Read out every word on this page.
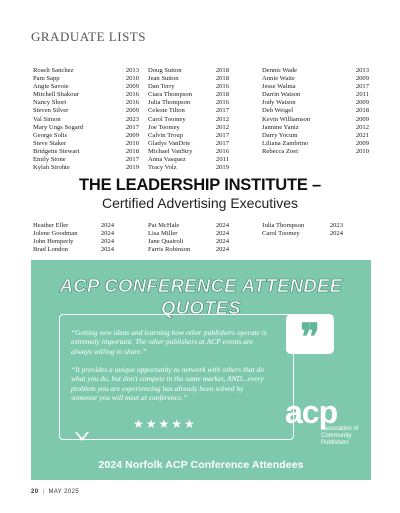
GRADUATE LISTS
Roseli Sanchez	2013
Pam Sapp	2010
Angie Savoie	2009
Mitchell Shakour	2016
Nancy Short	2016
Steven Silver	2009
Val Simon	2023
Mary Ungs Sogard	2017
George Solis	2009
Steve Staker	2010
Bridgette Stewart	2018
Emily Stone	2017
Kylah Strohte	2019
Doug Sutton	2018
Jean Sutton	2018
Dan Terry	2016
Ciara Thompson	2018
Julia Thompson	2016
Celeste Tilton	2017
Carol Toomey	2012
Joe Toomey	2012
Calvin Troup	2017
Gladys VanDrie	2017
Michael VanStry	2016
Anna Vasquez	2011
Tracy Volz	2019
Dennis Wade	2013
Annie Waite	2009
Jesse Walma	2017
Darrin Watson	2011
Jody Watson	2009
Deb Weigel	2018
Kevin Williamson	2009
Jannine Yaniz	2012
Darry Yocum	2021
Liliana Zambrino	2009
Rebecca Zoet	2010
THE LEADERSHIP INSTITUTE –
Certified Advertising Executives
Heather Eller	2024
Jolene Goodman	2024
John Hemperly	2024
Brad London	2024
Pat McHale	2024
Lisa Miller	2024
Jane Quairoli	2024
Farris Robinson	2024
Julia Thompson	2023
Carol Toomey	2024
ACP CONFERENCE ATTENDEE QUOTES
“Getting new ideas and learning how other publishers operate is extremely important. The other publishers at ACP events are always willing to share.”
“It provides a unique opportunity to network with others that do what you do, but don't compete in the same market, AND...every problem you are experiencing has already been solved by someone you will meet at conference.”
★★★★★
❞
acp
Association of Community Publishers
2024 Norfolk ACP Conference Attendees
20 | MAY 2025
